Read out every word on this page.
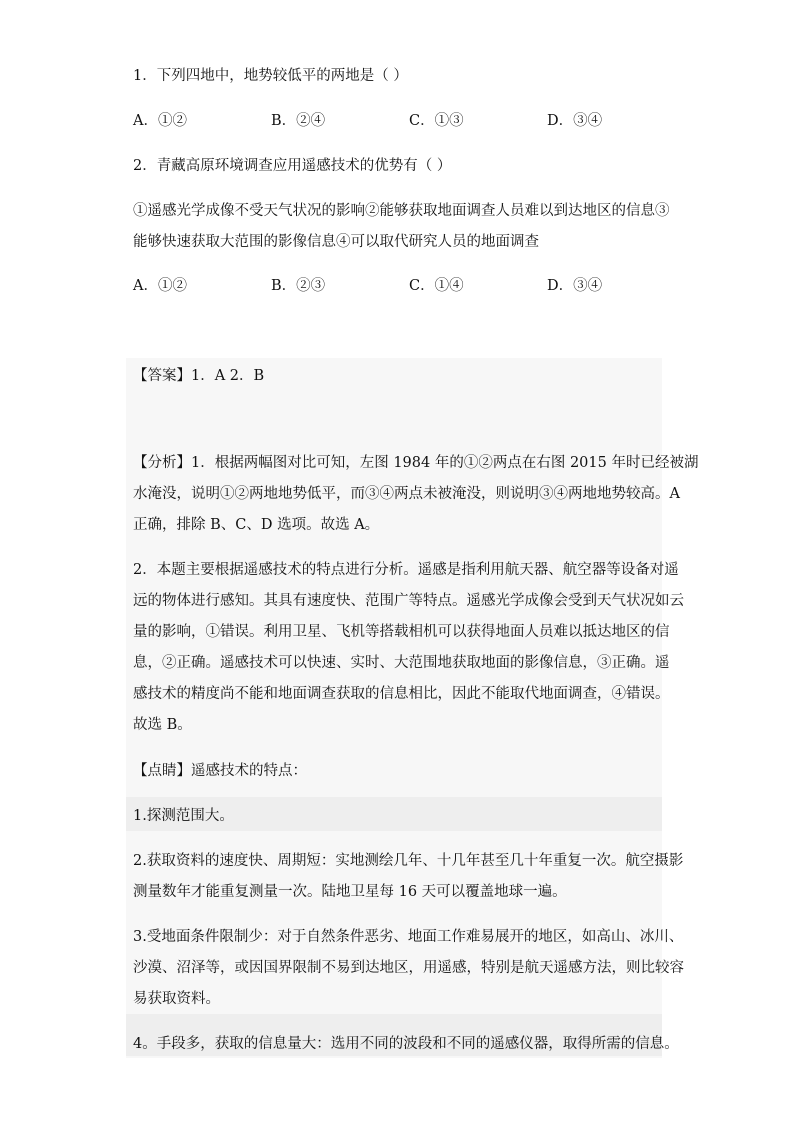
1．下列四地中，地势较低平的两地是（ ）
A．①②	B．②④	C．①③	D．③④
2．青藏高原环境调查应用遥感技术的优势有（ ）
①遥感光学成像不受天气状况的影响②能够获取地面调查人员难以到达地区的信息③
能够快速获取大范围的影像信息④可以取代研究人员的地面调查
A．①②	B．②③	C．①④	D．③④
【答案】1．A 2．B
【分析】1．根据两幅图对比可知，左图 1984 年的①②两点在右图 2015 年时已经被湖
水淹没，说明①②两地地势低平，而③④两点未被淹没，则说明③④两地地势较高。A
正确，排除 B、C、D 选项。故选 A。
2．本题主要根据遥感技术的特点进行分析。遥感是指利用航天器、航空器等设备对遥
远的物体进行感知。其具有速度快、范围广等特点。遥感光学成像会受到天气状况如云
量的影响，①错误。利用卫星、飞机等搭载相机可以获得地面人员难以抵达地区的信
息，②正确。遥感技术可以快速、实时、大范围地获取地面的影像信息，③正确。遥
感技术的精度尚不能和地面调查获取的信息相比，因此不能取代地面调查，④错误。
故选 B。
【点睛】遥感技术的特点：
1.探测范围大。
2.获取资料的速度快、周期短：实地测绘几年、十几年甚至几十年重复一次。航空摄影
测量数年才能重复测量一次。陆地卫星每 16 天可以覆盖地球一遍。
3.受地面条件限制少：对于自然条件恶劣、地面工作难易展开的地区，如高山、冰川、
沙漠、沼泽等，或因国界限制不易到达地区，用遥感，特别是航天遥感方法，则比较容
易获取资料。
4。手段多，获取的信息量大：选用不同的波段和不同的遥感仪器，取得所需的信息。
